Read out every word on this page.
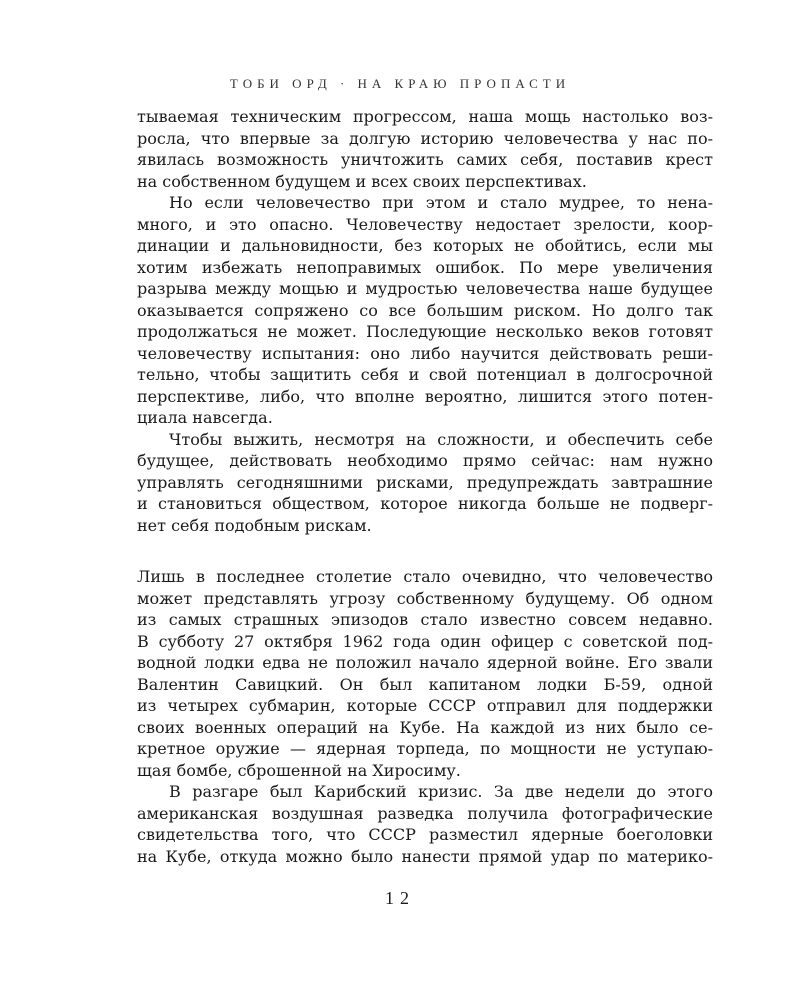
ТОБИ ОРД · НА КРАЮ ПРОПАСТИ
тываемая техническим прогрессом, наша мощь настолько воз-
росла, что впервые за долгую историю человечества у нас по-
явилась возможность уничтожить самих себя, поставив крест
на собственном будущем и всех своих перспективах.
Но если человечество при этом и стало мудрее, то нена-
много, и это опасно. Человечеству недостает зрелости, коор-
динации и дальновидности, без которых не обойтись, если мы
хотим избежать непоправимых ошибок. По мере увеличения
разрыва между мощью и мудростью человечества наше будущее
оказывается сопряжено со все большим риском. Но долго так
продолжаться не может. Последующие несколько веков готовят
человечеству испытания: оно либо научится действовать реши-
тельно, чтобы защитить себя и свой потенциал в долгосрочной
перспективе, либо, что вполне вероятно, лишится этого потен-
циала навсегда.
Чтобы выжить, несмотря на сложности, и обеспечить себе
будущее, действовать необходимо прямо сейчас: нам нужно
управлять сегодняшними рисками, предупреждать завтрашние
и становиться обществом, которое никогда больше не подверг-
нет себя подобным рискам.
Лишь в последнее столетие стало очевидно, что человечество
может представлять угрозу собственному будущему. Об одном
из самых страшных эпизодов стало известно совсем недавно.
В субботу 27 октября 1962 года один офицер с советской под-
водной лодки едва не положил начало ядерной войне. Его звали
Валентин Савицкий. Он был капитаном лодки Б-59, одной
из четырех субмарин, которые СССР отправил для поддержки
своих военных операций на Кубе. На каждой из них было се-
кретное оружие — ядерная торпеда, по мощности не уступаю-
щая бомбе, сброшенной на Хиросиму.
В разгаре был Карибский кризис. За две недели до этого
американская воздушная разведка получила фотографические
свидетельства того, что СССР разместил ядерные боеголовки
на Кубе, откуда можно было нанести прямой удар по материко-
12
